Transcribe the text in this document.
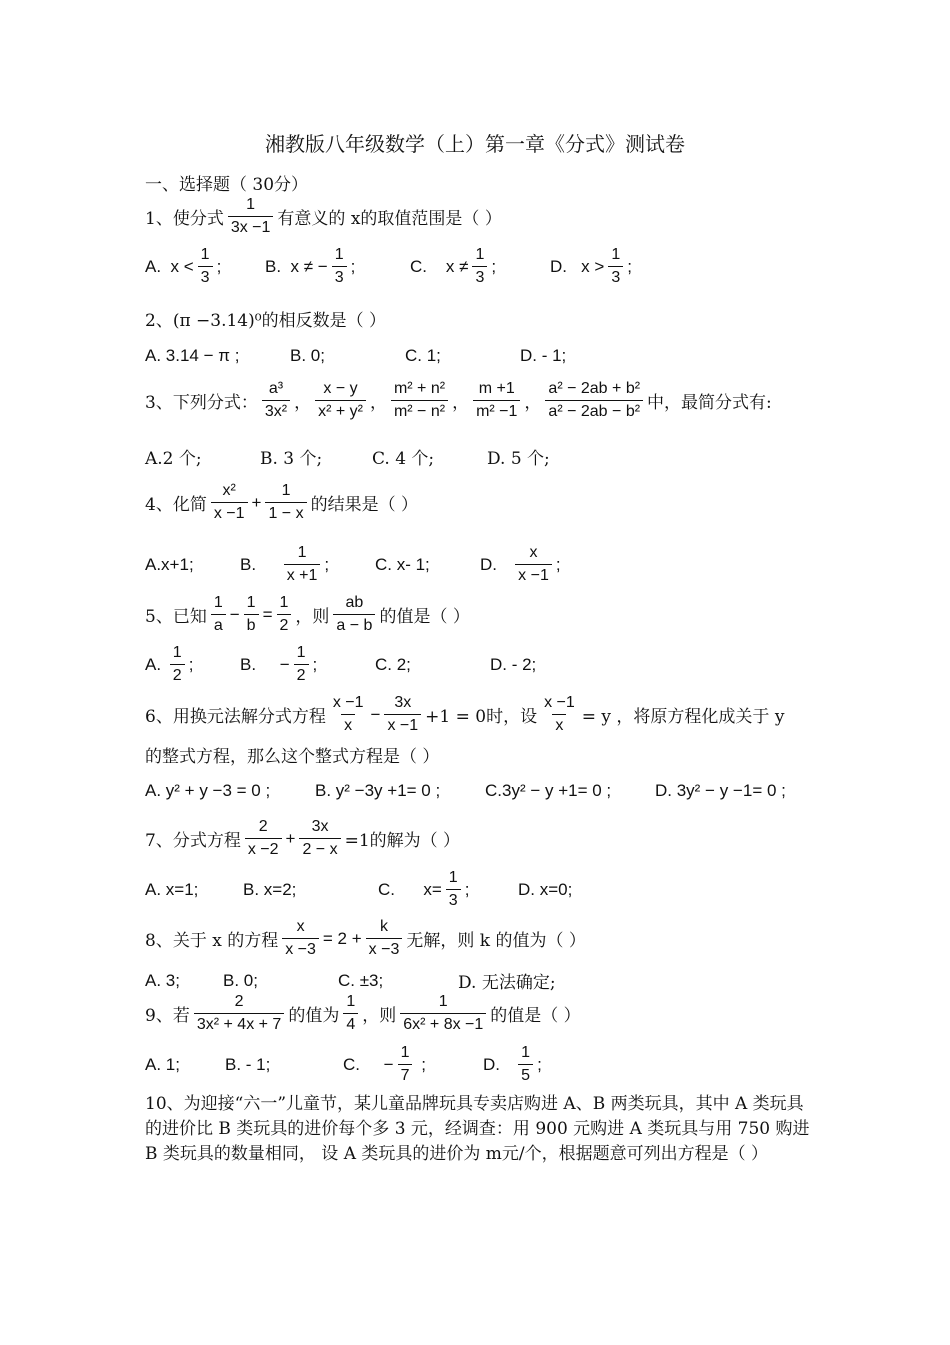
湘教版八年级数学（上）第一章《分式》测试卷
一、选择题（ 30分）
1、使分式 $\frac{1}{3x -1}$ 有意义的 x的取值范围是（ ）
A.
$x < \frac{1}{3}$ ;	B.
x ≠ − $\frac{1}{3}$ ;	C.
$x \ne \frac{1}{3}$ ;	D.
$x > \frac{1}{3}$ ;
2、(π −3.14)⁰的相反数是（ ）
A. 3.14 − π ;	B. 0;	C. 1;	D. - 1;
3、下列分式： $\frac{\text{a³}}{\text{3x²}}$ ， $\frac{x - y}{\text{x² + y²}}$ ， $\frac{\text{m² + n²}}{\text{m² − n²}}$ ， $\frac{m +1}{\text{m² −1}}$ ， $\frac{\text{a² − 2ab + b²}}{\text{a² − 2ab − b²}}$ 中，最简分式有:
A.2 个;	B. 3 个;	C. 4 个;	D. 5 个;
4、化简 $\frac{\text{x²}}{x -1} + \frac{1}{1 - x}$ 的结果是（ ）
A.x+1;	B.
$\frac{1}{x +1}$ ;	C. x- 1;	D.
$\frac{x}{x -1}$ ;
5、已知 $\frac{1}{a} - \frac{1}{b} = \frac{1}{2}$ ，则 $\frac{ab}{a - b}$ 的值是（ ）
A.
$\frac{1}{2}$ ;	B.
− $\frac{1}{2}$ ;	C. 2;	D. - 2;
6、用换元法解分式方程 $\frac{x -1}{x} - \frac{3x}{x -1} +1 = 0$时，设 $\frac{x -1}{x} = y$ ，将原方程化成关于 y
的整式方程，那么这个整式方程是（ ）
A. y² + y −3 = 0 ;	B. y² −3y +1= 0 ;	C.3y² − y +1= 0 ;	D. 3y² − y −1= 0 ;
7、分式方程 $\frac{2}{x -2} + \frac{3x}{2 - x} =1$的解为（ ）
A. x=1;	B. x=2;	C.
$x= \frac{1}{3}$ ;	D. x=0;
8、关于 x 的方程 $\frac{x}{x -3} = 2 + \frac{k}{x -3}$ 无解，则 k 的值为（ ）
A. 3;	B. 0;	C. ±3;	D. 无法确定;
9、若 $\frac{2}{\text{3x² + 4x + 7}}$ 的值为 $\frac{1}{4}$ ，则 $\frac{1}{\text{6x² + 8x −1}}$ 的值是（ ）
A. 1;	B. - 1;	C.
− $\frac{1}{7}$
;	D.
$\frac{1}{5}$ ;
10、为迎接“六一”儿童节，某儿童品牌玩具专卖店购进 A、B 两类玩具，其中 A 类玩具的进价比 B 类玩具的进价每个多 3 元，经调查：用 900 元购进 A 类玩具与用 750 购进 B 类玩具的数量相同， 设 A 类玩具的进价为 m元/个，根据题意可列出方程是（ ）
